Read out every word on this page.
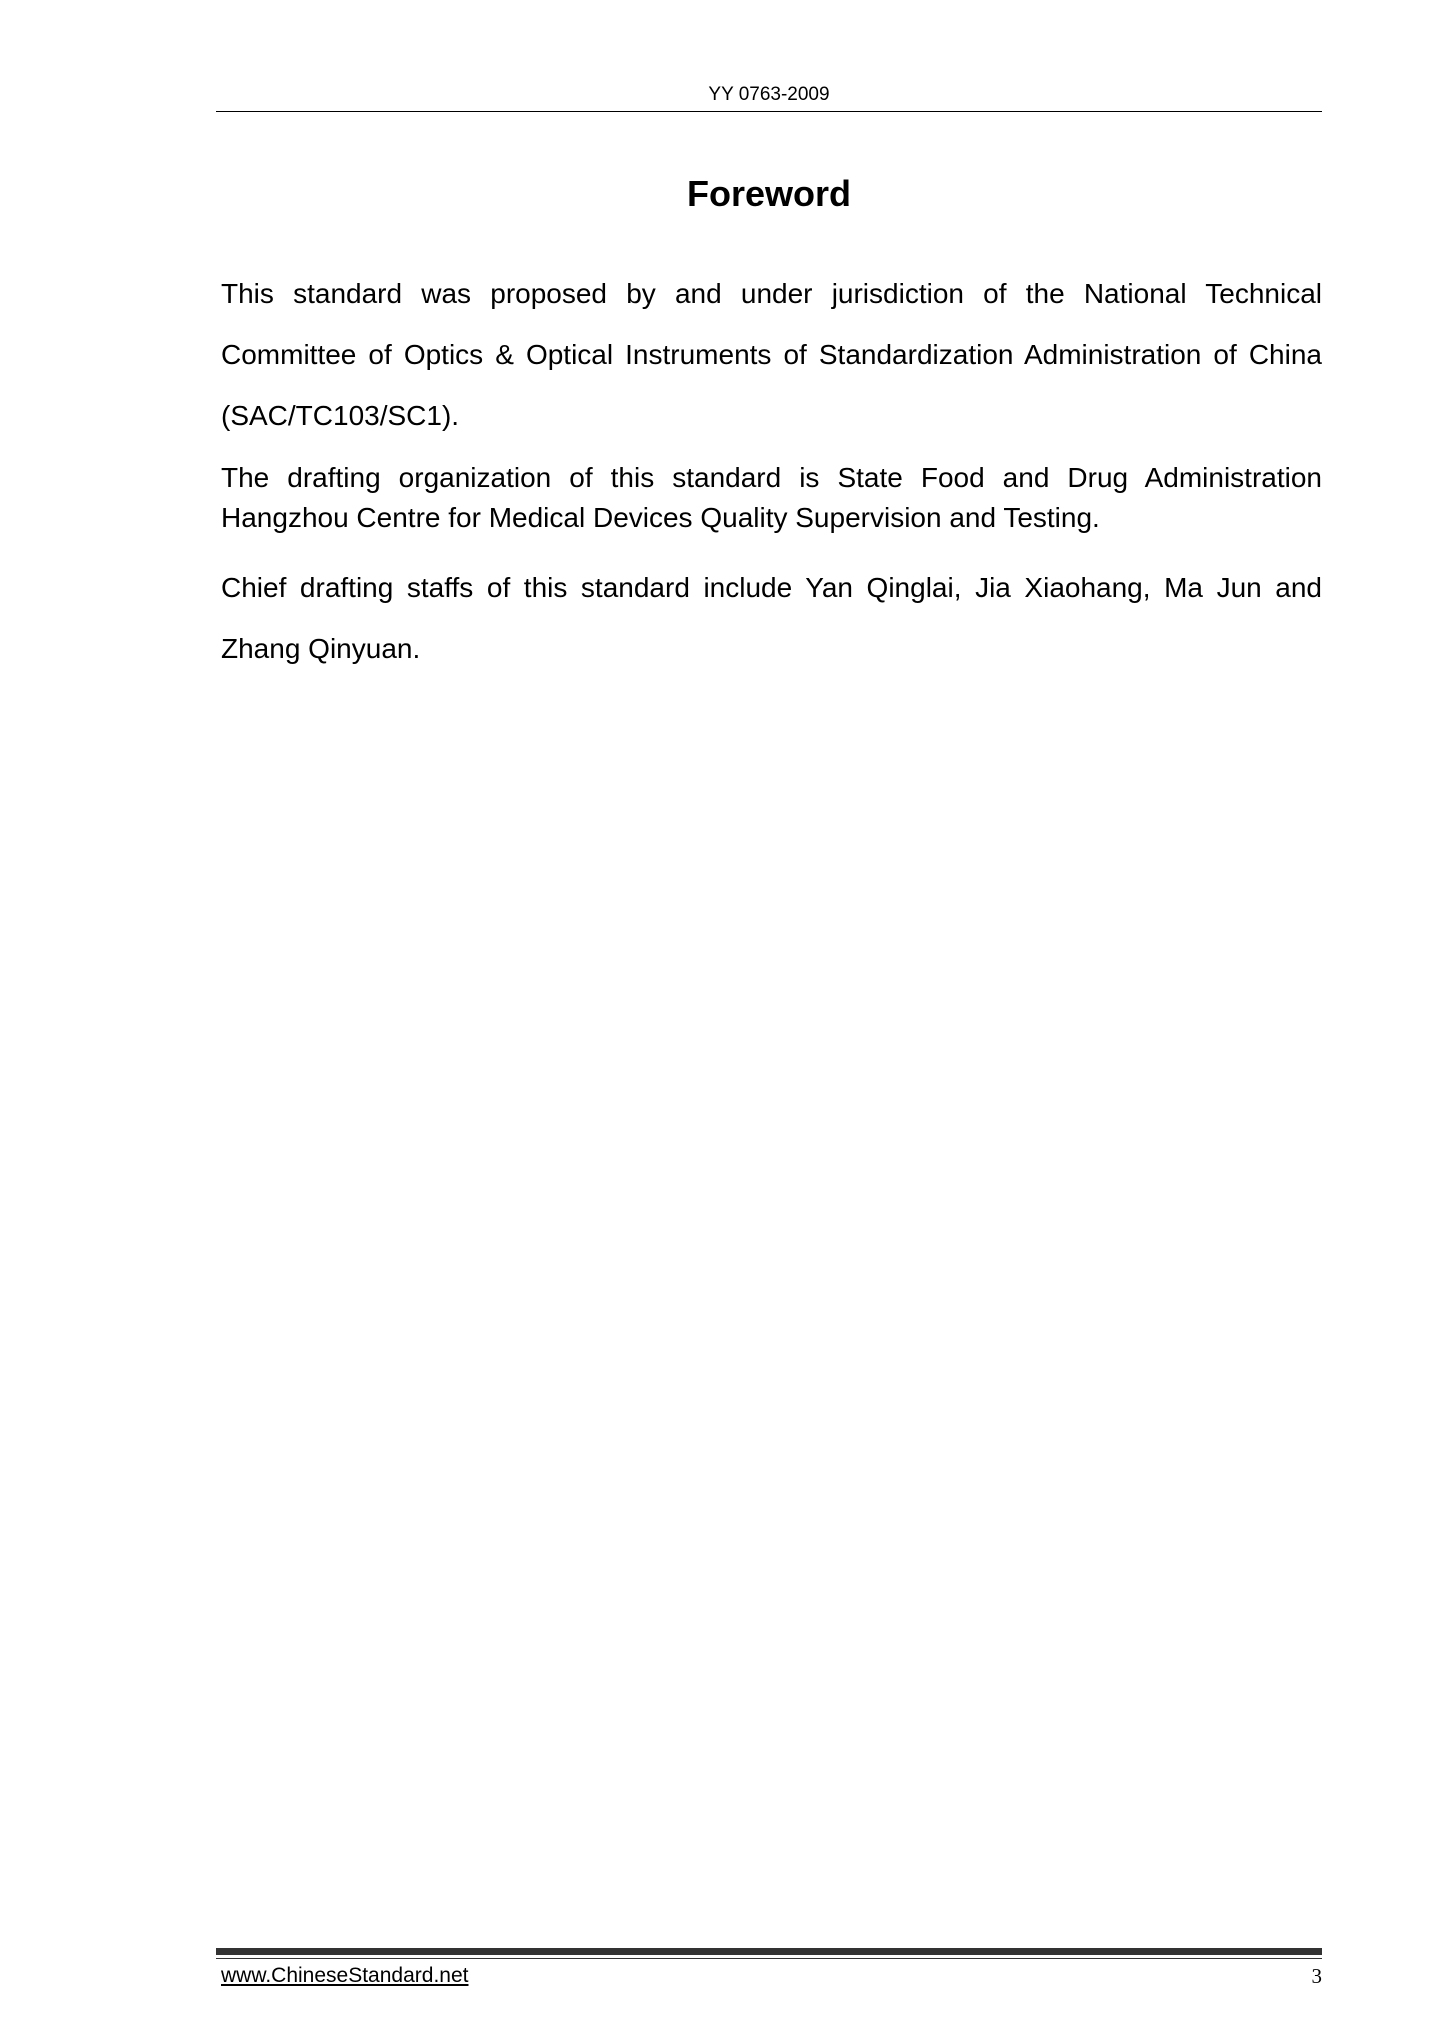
YY 0763-2009
Foreword

This standard was proposed by and under jurisdiction of the National Technical Committee of Optics & Optical Instruments of Standardization Administration of China (SAC/TC103/SC1).

The drafting organization of this standard is State Food and Drug Administration Hangzhou Centre for Medical Devices Quality Supervision and Testing.

Chief drafting staffs of this standard include Yan Qinglai, Jia Xiaohang, Ma Jun and Zhang Qinyuan.

www.ChineseStandard.net	3
